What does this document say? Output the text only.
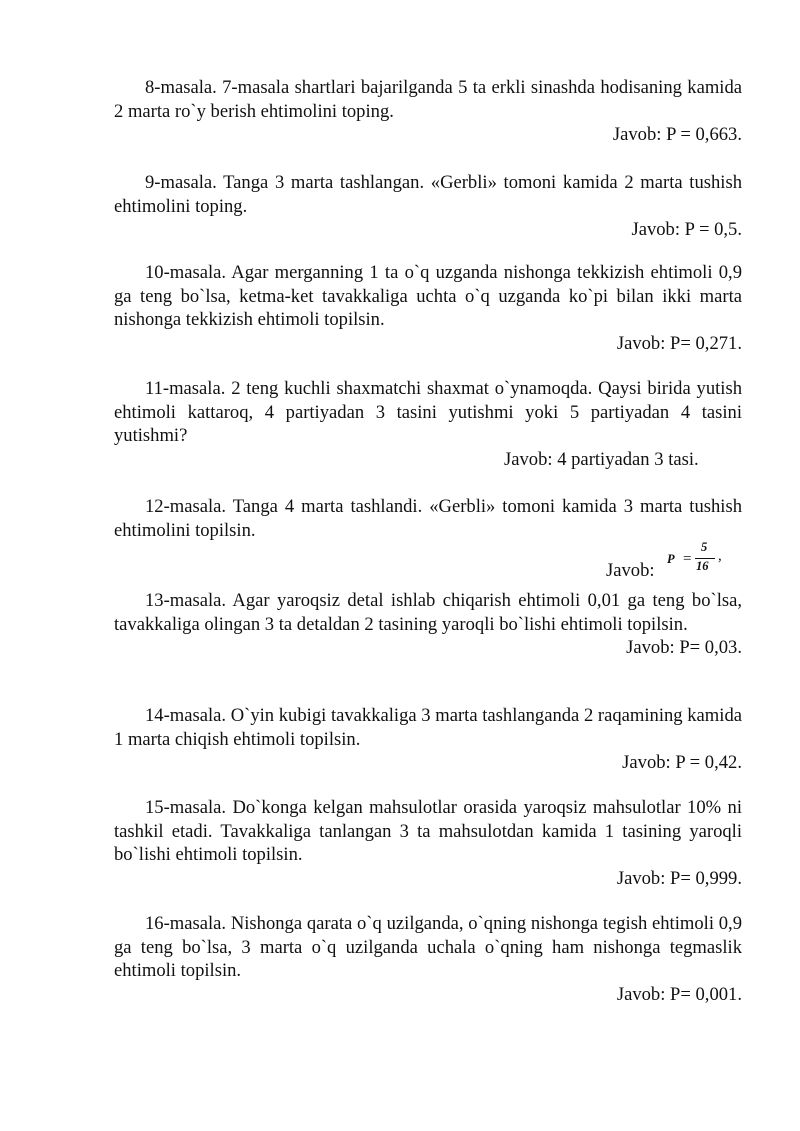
8-masala. 7-masala shartlari bajarilganda 5 ta erkli sinashda hodisaning kamida 2 marta ro`y berish ehtimolini toping.

Javob: P = 0,663.

9-masala. Tanga 3 marta tashlangan. «Gerbli» tomoni kamida 2 marta tushish ehtimolini toping.

Javob: P = 0,5.

10-masala. Agar merganning 1 ta o`q uzganda nishonga tekkizish ehtimoli 0,9 ga teng bo`lsa, ketma-ket tavakkaliga uchta o`q uzganda ko`pi bilan ikki marta nishonga tekkizish ehtimoli topilsin.

Javob: P= 0,271.

11-masala. 2 teng kuchli shaxmatchi shaxmat o`ynamoqda. Qaysi birida yutish ehtimoli kattaroq, 4 partiyadan 3 tasini yutishmi yoki 5 partiyadan 4 tasini yutishmi?

Javob: 4 partiyadan 3 tasi.

12-masala. Tanga 4 marta tashlandi. «Gerbli» tomoni kamida 3 marta tushish ehtimolini topilsin.

Javob:
P =
5
16
,

13-masala. Agar yaroqsiz detal ishlab chiqarish ehtimoli 0,01 ga teng bo`lsa, tavakkaliga olingan 3 ta detaldan 2 tasining yaroqli bo`lishi ehtimoli topilsin.

Javob: P= 0,03.

14-masala. O`yin kubigi tavakkaliga 3 marta tashlanganda 2 raqamining kamida 1 marta chiqish ehtimoli topilsin.

Javob: P = 0,42.

15-masala. Do`konga kelgan mahsulotlar orasida yaroqsiz mahsulotlar 10% ni tashkil etadi. Tavakkaliga tanlangan 3 ta mahsulotdan kamida 1 tasining yaroqli bo`lishi ehtimoli topilsin.

Javob: P= 0,999.

16-masala. Nishonga qarata o`q uzilganda, o`qning nishonga tegish ehtimoli 0,9 ga teng bo`lsa, 3 marta o`q uzilganda uchala o`qning ham nishonga tegmaslik ehtimoli topilsin.

Javob: P= 0,001.
